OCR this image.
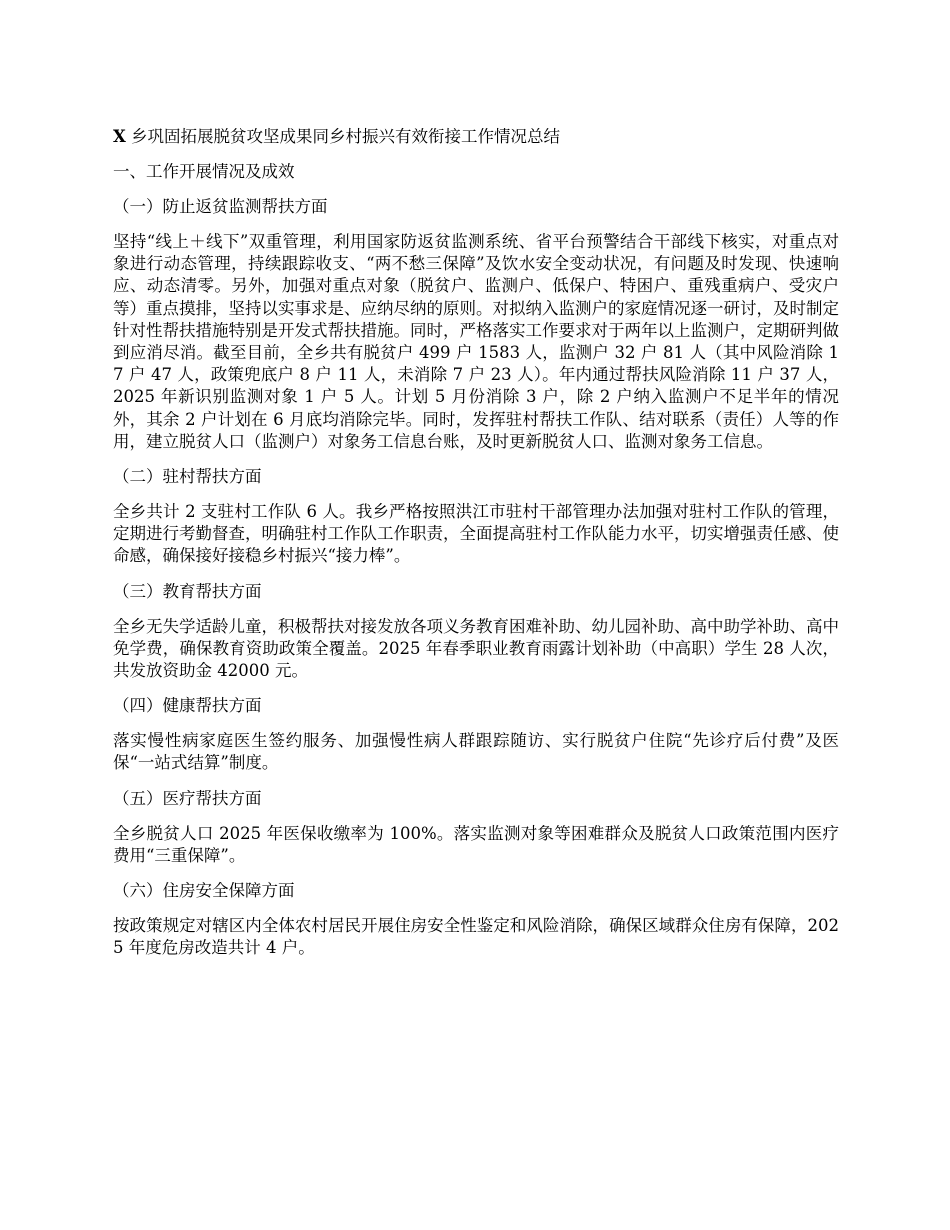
X 乡巩固拓展脱贫攻坚成果同乡村振兴有效衔接工作情况总结
一、工作开展情况及成效
（一）防止返贫监测帮扶方面
坚持“线上＋线下”双重管理，利用国家防返贫监测系统、省平台预警结合干部线下核实，对重点对象进行动态管理，持续跟踪收支、“两不愁三保障”及饮水安全变动状况，有问题及时发现、快速响应、动态清零。另外，加强对重点对象（脱贫户、监测户、低保户、特困户、重残重病户、受灾户等）重点摸排，坚持以实事求是、应纳尽纳的原则。对拟纳入监测户的家庭情况逐一研讨，及时制定针对性帮扶措施特别是开发式帮扶措施。同时，严格落实工作要求对于两年以上监测户，定期研判做到应消尽消。截至目前，全乡共有脱贫户 499 户 1583 人，监测户 32 户 81 人（其中风险消除 17 户 47 人，政策兜底户 8 户 11 人，未消除 7 户 23 人）。年内通过帮扶风险消除 11 户 37 人，2025 年新识别监测对象 1 户 5 人。计划 5 月份消除 3 户，除 2 户纳入监测户不足半年的情况外，其余 2 户计划在 6 月底均消除完毕。同时，发挥驻村帮扶工作队、结对联系（责任）人等的作用，建立脱贫人口（监测户）对象务工信息台账，及时更新脱贫人口、监测对象务工信息。
（二）驻村帮扶方面
全乡共计 2 支驻村工作队 6 人。我乡严格按照洪江市驻村干部管理办法加强对驻村工作队的管理，定期进行考勤督查，明确驻村工作队工作职责，全面提高驻村工作队能力水平，切实增强责任感、使命感，确保接好接稳乡村振兴“接力棒”。
（三）教育帮扶方面
全乡无失学适龄儿童，积极帮扶对接发放各项义务教育困难补助、幼儿园补助、高中助学补助、高中免学费，确保教育资助政策全覆盖。2025 年春季职业教育雨露计划补助（中高职）学生 28 人次，共发放资助金 42000 元。
（四）健康帮扶方面
落实慢性病家庭医生签约服务、加强慢性病人群跟踪随访、实行脱贫户住院“先诊疗后付费”及医保“一站式结算”制度。
（五）医疗帮扶方面
全乡脱贫人口 2025 年医保收缴率为 100%。落实监测对象等困难群众及脱贫人口政策范围内医疗费用“三重保障”。
（六）住房安全保障方面
按政策规定对辖区内全体农村居民开展住房安全性鉴定和风险消除，确保区域群众住房有保障，2025 年度危房改造共计 4 户。
